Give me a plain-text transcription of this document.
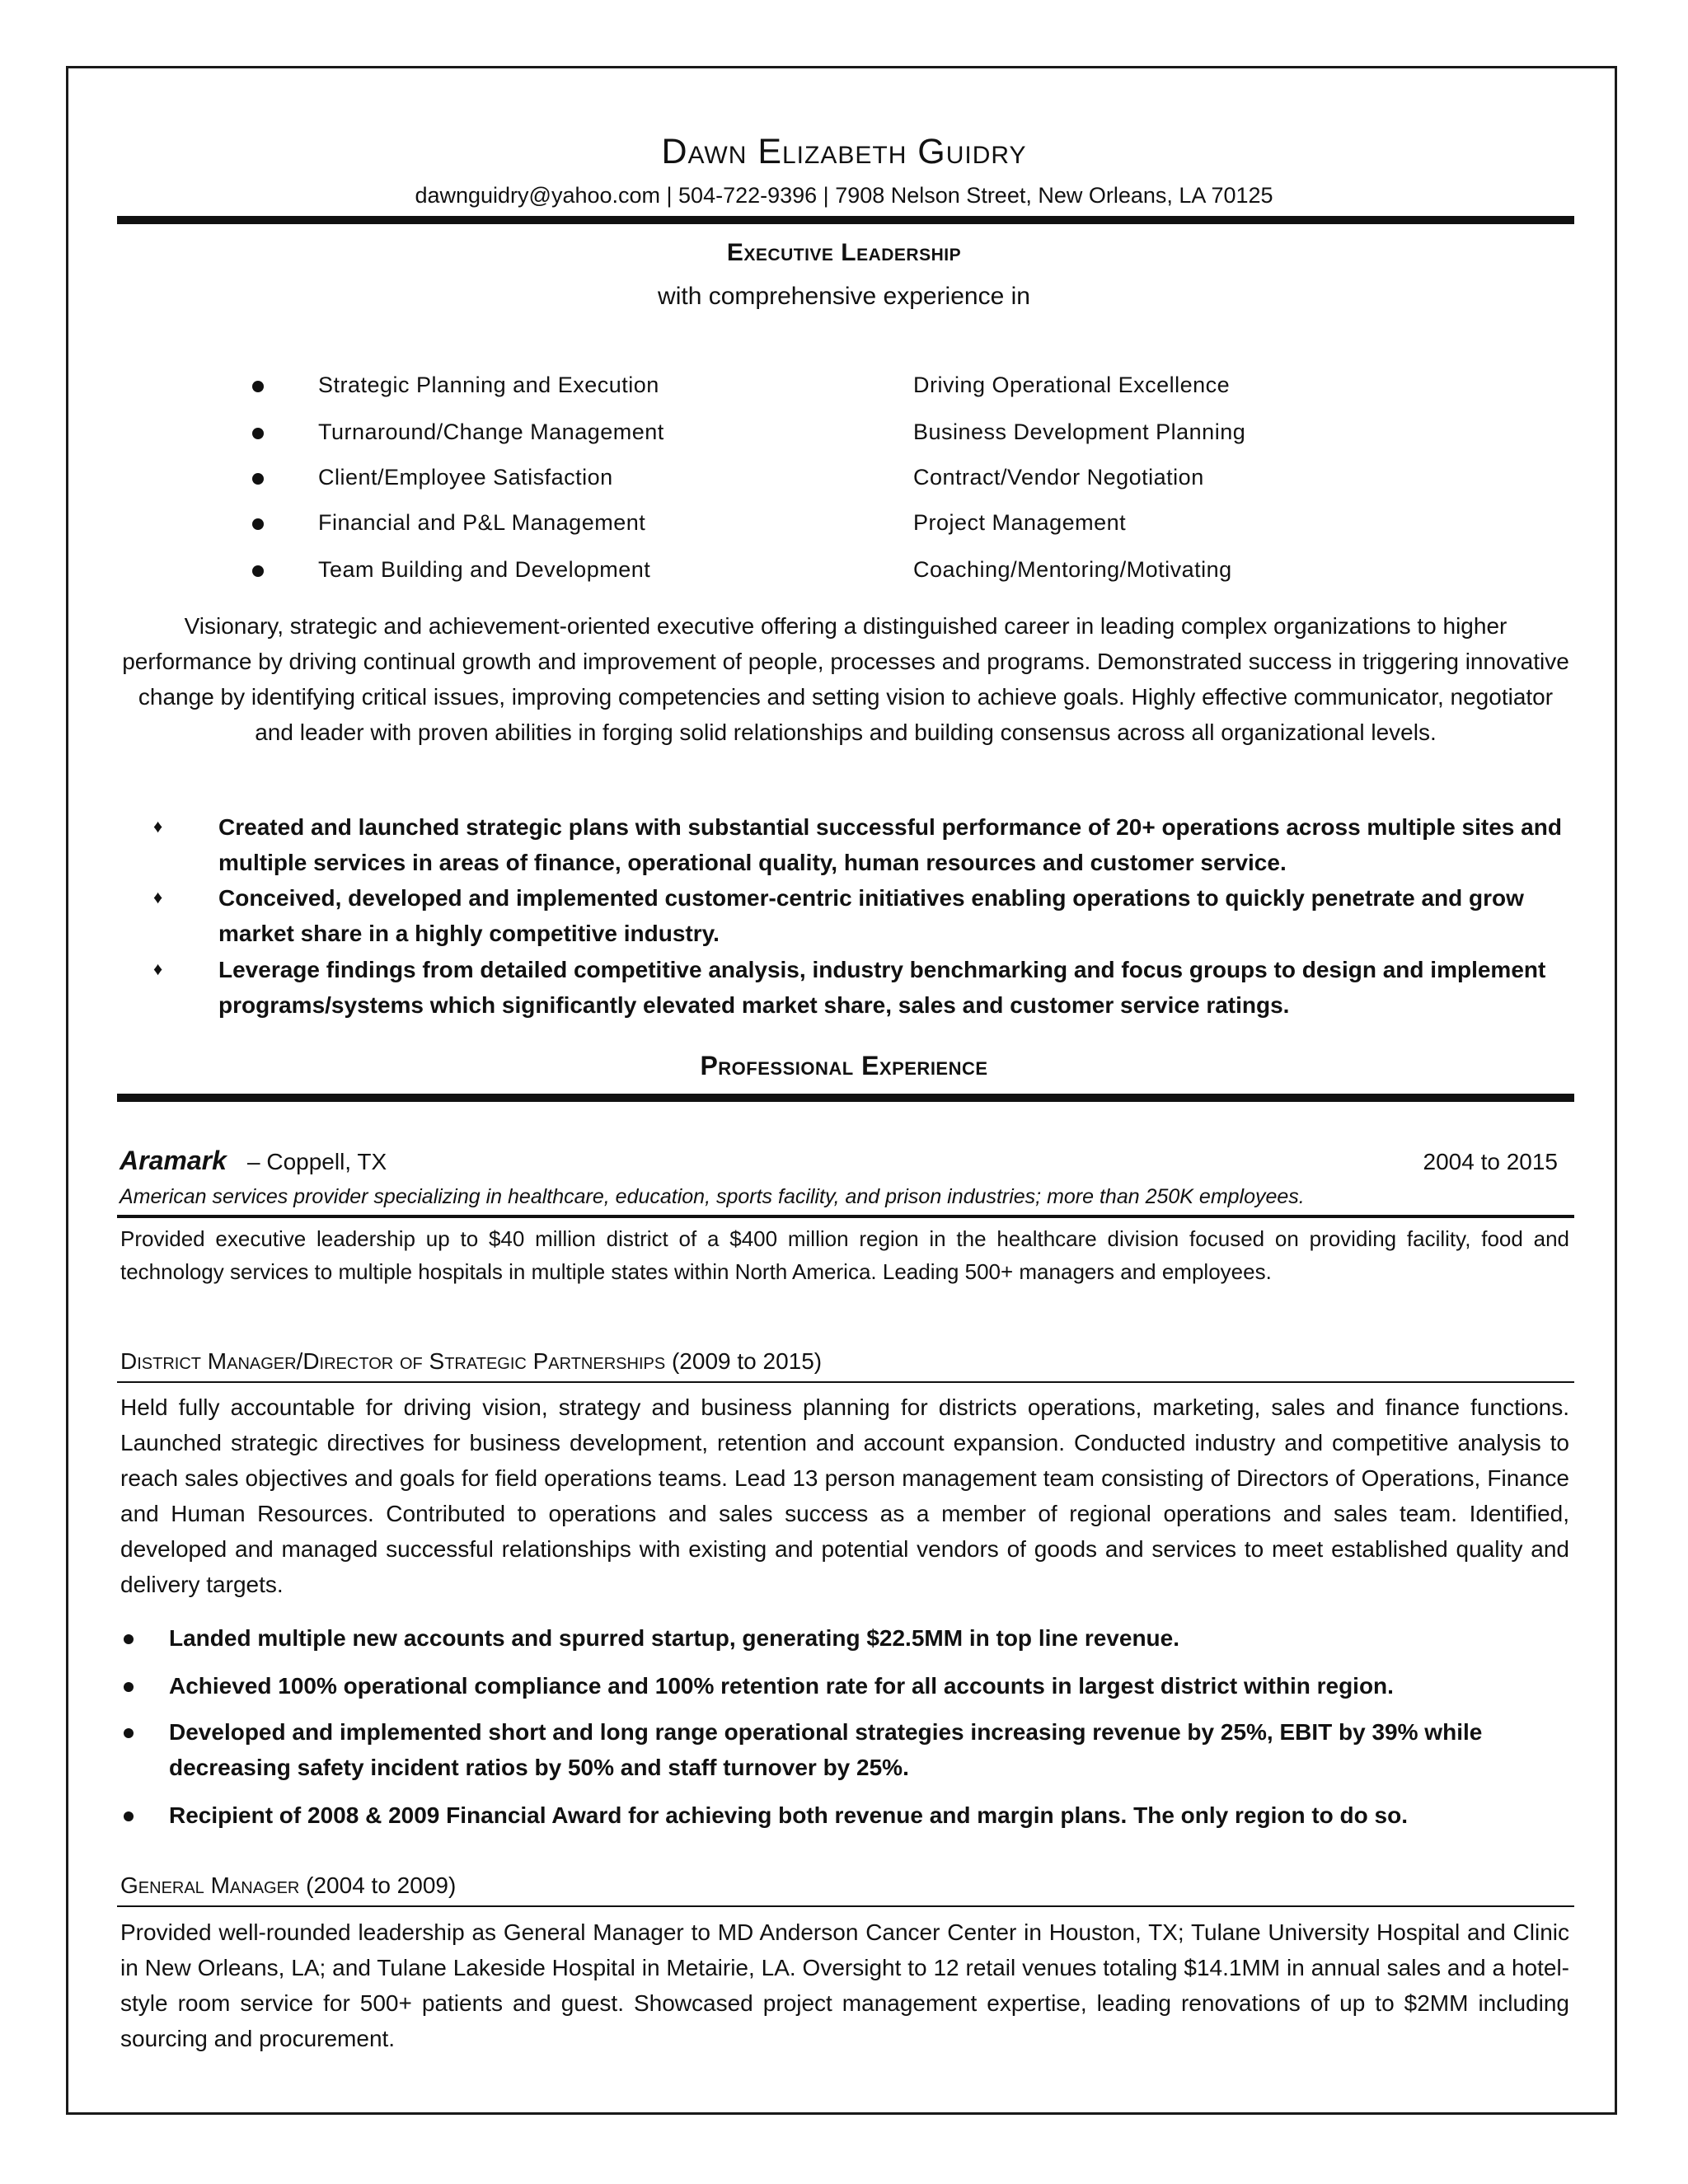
Dawn Elizabeth Guidry
dawnguidry@yahoo.com | 504-722-9396 | 7908 Nelson Street, New Orleans, LA 70125
Executive Leadership
with comprehensive experience in
Strategic Planning and Execution	Driving Operational Excellence
Turnaround/Change Management	Business Development Planning
Client/Employee Satisfaction	Contract/Vendor Negotiation
Financial and P&L Management	Project Management
Team Building and Development	Coaching/Mentoring/Motivating

Visionary, strategic and achievement-oriented executive offering a distinguished career in leading complex organizations to higher performance by driving continual growth and improvement of people, processes and programs. Demonstrated success in triggering innovative change by identifying critical issues, improving competencies and setting vision to achieve goals. Highly effective communicator, negotiator and leader with proven abilities in forging solid relationships and building consensus across all organizational levels.

♦ Created and launched strategic plans with substantial successful performance of 20+ operations across multiple sites and multiple services in areas of finance, operational quality, human resources and customer service.

♦ Conceived, developed and implemented customer-centric initiatives enabling operations to quickly penetrate and grow market share in a highly competitive industry.

♦ Leverage findings from detailed competitive analysis, industry benchmarking and focus groups to design and implement programs/systems which significantly elevated market share, sales and customer service ratings.

Professional Experience
Aramark – Coppell, TX	2004 to 2015
American services provider specializing in healthcare, education, sports facility, and prison industries; more than 250K employees.

Provided executive leadership up to $40 million district of a $400 million region in the healthcare division focused on providing facility, food and technology services to multiple hospitals in multiple states within North America. Leading 500+ managers and employees.

District Manager/Director of Strategic Partnerships (2009 to 2015)

Held fully accountable for driving vision, strategy and business planning for districts operations, marketing, sales and finance functions. Launched strategic directives for business development, retention and account expansion. Conducted industry and competitive analysis to reach sales objectives and goals for field operations teams. Lead 13 person management team consisting of Directors of Operations, Finance and Human Resources. Contributed to operations and sales success as a member of regional operations and sales team. Identified, developed and managed successful relationships with existing and potential vendors of goods and services to meet established quality and delivery targets.

Landed multiple new accounts and spurred startup, generating $22.5MM in top line revenue.

Achieved 100% operational compliance and 100% retention rate for all accounts in largest district within region.

Developed and implemented short and long range operational strategies increasing revenue by 25%, EBIT by 39% while decreasing safety incident ratios by 50% and staff turnover by 25%.

Recipient of 2008 & 2009 Financial Award for achieving both revenue and margin plans. The only region to do so.

General Manager (2004 to 2009)

Provided well-rounded leadership as General Manager to MD Anderson Cancer Center in Houston, TX; Tulane University Hospital and Clinic in New Orleans, LA; and Tulane Lakeside Hospital in Metairie, LA. Oversight to 12 retail venues totaling $14.1MM in annual sales and a hotel-style room service for 500+ patients and guest. Showcased project management expertise, leading renovations of up to $2MM including sourcing and procurement.
